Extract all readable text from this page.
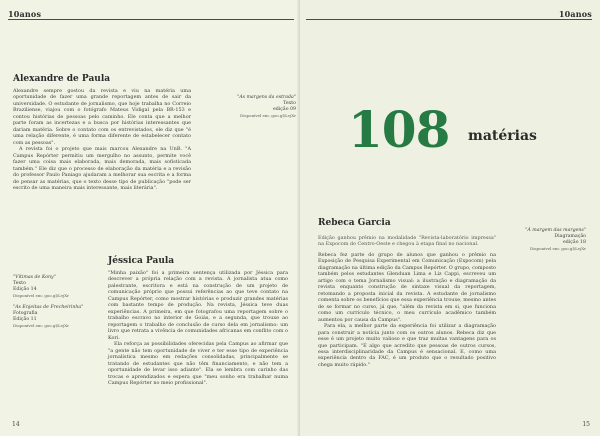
10anos
Alexandre de Paula

Alexandre sempre gostou da revista e viu na matéria uma oportunidade de fazer uma grande reportagem antes de sair da universidade. O estudante de jornalismo, que hoje trabalha no Correio Braziliense, viajou com o fotógrafo Mateus Vidigal pela BR-153 e contou histórias de pessoas pelo caminho. Ele conta que a melhor parte foram as incertezas e a busca por histórias interessantes que dariam matéria. Sobre o contato com os entrevistados, ele diz que "é uma relação diferente, é uma forma diferente de estabelecer contato com as pessoas".

A revista foi o projeto que mais marcou Alexandre na UnB. "A Campus Repórter permitiu um mergulho no assunto, permite você fazer uma coisa mais elaborada, mais demorada, mais sofisticada também." Ele diz que o processo de elaboração da matéria e a revisão do professor Paulo Paniago ajudaram a melhorar sua escrita e a forma de pensar as matérias, que o texto desse tipo de publicação "pode ser escrito de uma maneira mais interessante, mais literária".

"As margens da estrada"
Texto
edição 09
Disponível em: goo.gl/LvjXr
"Vítimas de Kony"
Texto
Edição 14
Disponível em: goo.gl/LvjXr
"As Enjeitas de Frecheirinha"
Fotografia
Edição 11
Disponível em: goo.gl/LvjXr
Jéssica Paula

"Minha paixão" foi a primeira sentença utilizada por Jéssica para descrever a própria relação com a revista. A jornalista atua como palestrante, escritora e está na construção de um projeto de comunicação próprio que possui referências ao que teve contato na Campus Repórter, como mostrar histórias e produzir grandes matérias com bastante tempo de produção. Na revista, Jéssica teve duas experiências. A primeira, em que fotografou uma reportagem sobre o trabalho escravo no interior de Goiás, e a segunda, que trouxe ao reportagem o trabalho de conclusão de curso dela em jornalismo: um livro que retrata a vivência de comunidades africanas em conflito com o Kori.

Ela reforça as possibilidades oferecidas pela Campus ao afirmar que "a gente não tem oportunidade de viver e ter esse tipo de experiência jornalística mesmo em redações consolidadas, principalmente se tratando de estudantes que não têm financiamento, e não tem a oportunidade de levar isso adiante". Ela se lembra com carinho das trocas e aprendizados e espera que "meu sonho era trabalhar numa Campus Repórter no meio profissional".

14
10anos
108 matérias
Rebeca Garcia

Edição ganhou prêmio na modalidade "Revista-laboratório impressa" na Expocom do Centro-Oeste e chegou à etapa final no nacional.

Rebeca fez parte do grupo de alunos que ganhou o prêmio na Exposição de Pesquisa Experimental em Comunicação (Expocom) pela diagramação na última edição da Campus Repórter. O grupo, composto também pelos estudantes Glenduan Lima e Liz Cappi, escreveu um artigo com o tema Jornalismo visual: a ilustração e diagramação da revista enquanto construção de sintaxe visual da reportagem, retomando a proposta inicial da revista. A estudante de jornalismo comenta sobre os benefícios que essa experiência trouxe, mesmo antes de se formar no curso, já que, "além da revista em si, que funciona como um currículo técnico, o meu currículo acadêmico também aumentou por causa da Campus".

Para ela, a melhor parte da experiência foi utilizar a diagramação para construir a notícia junto com os outros alunos. Rebeca diz que esse é um projeto muito valioso e que traz muitas vantagens para os que participam. "É algo que acredito que pessoas de outros cursos, essa interdisciplinaridade da Campus é sensacional. E, como uma experiência dentro da FAC, é um produto que o resultado positivo chega muito rápido."

"À margem das margens"
Diagramação
edição 18
Disponível em: goo.gl/LvjXr
15
